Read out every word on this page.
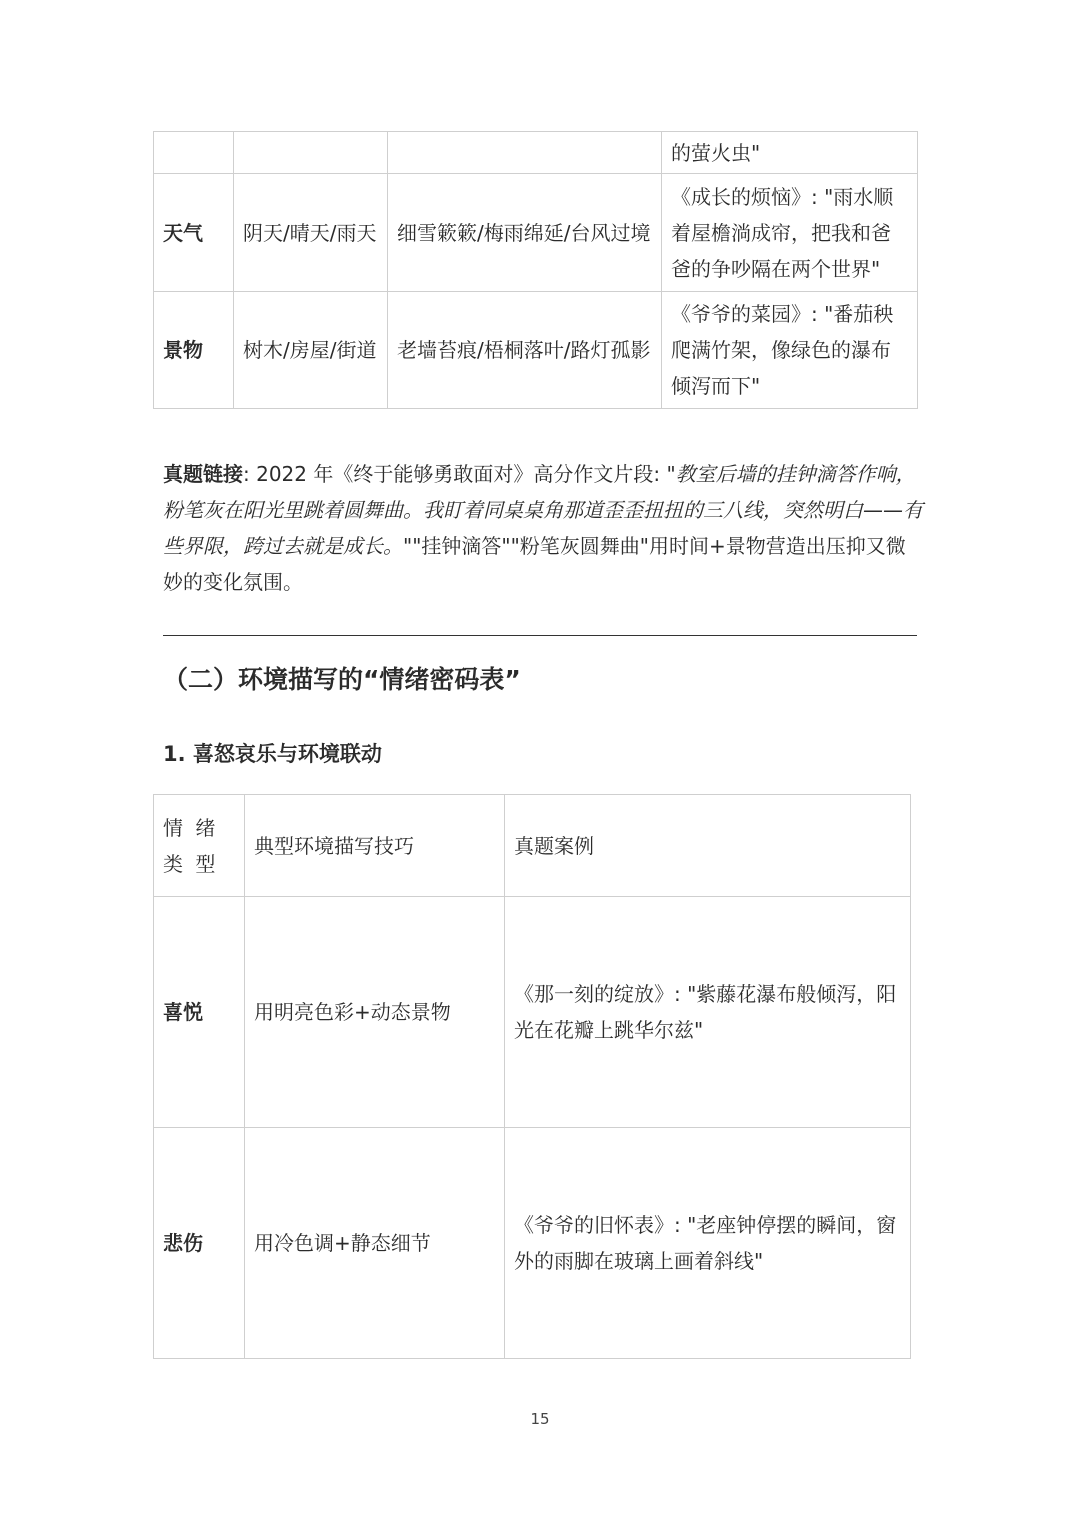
			的萤火虫"
天气	阴天/晴天/雨天	细雪簌簌/梅雨绵延/台风过境	《成长的烦恼》: "雨水顺着屋檐淌成帘，把我和爸爸的争吵隔在两个世界"
景物	树木/房屋/街道	老墙苔痕/梧桐落叶/路灯孤影	《爷爷的菜园》: "番茄秧爬满竹架，像绿色的瀑布倾泻而下"
真题链接: 2022 年《终于能够勇敢面对》高分作文片段: "教室后墙的挂钟滴答作响，粉笔灰在阳光里跳着圆舞曲。我盯着同桌桌角那道歪歪扭扭的三八线，突然明白——有些界限，跨过去就是成长。""挂钟滴答""粉笔灰圆舞曲"用时间+景物营造出压抑又微妙的变化氛围。
（二）环境描写的“情绪密码表”
1. 喜怒哀乐与环境联动
情 绪 类 型	典型环境描写技巧	真题案例
喜悦	用明亮色彩+动态景物	《那一刻的绽放》: "紫藤花瀑布般倾泻，阳光在花瓣上跳华尔兹"
悲伤	用冷色调+静态细节	《爷爷的旧怀表》: "老座钟停摆的瞬间，窗外的雨脚在玻璃上画着斜线"
15
